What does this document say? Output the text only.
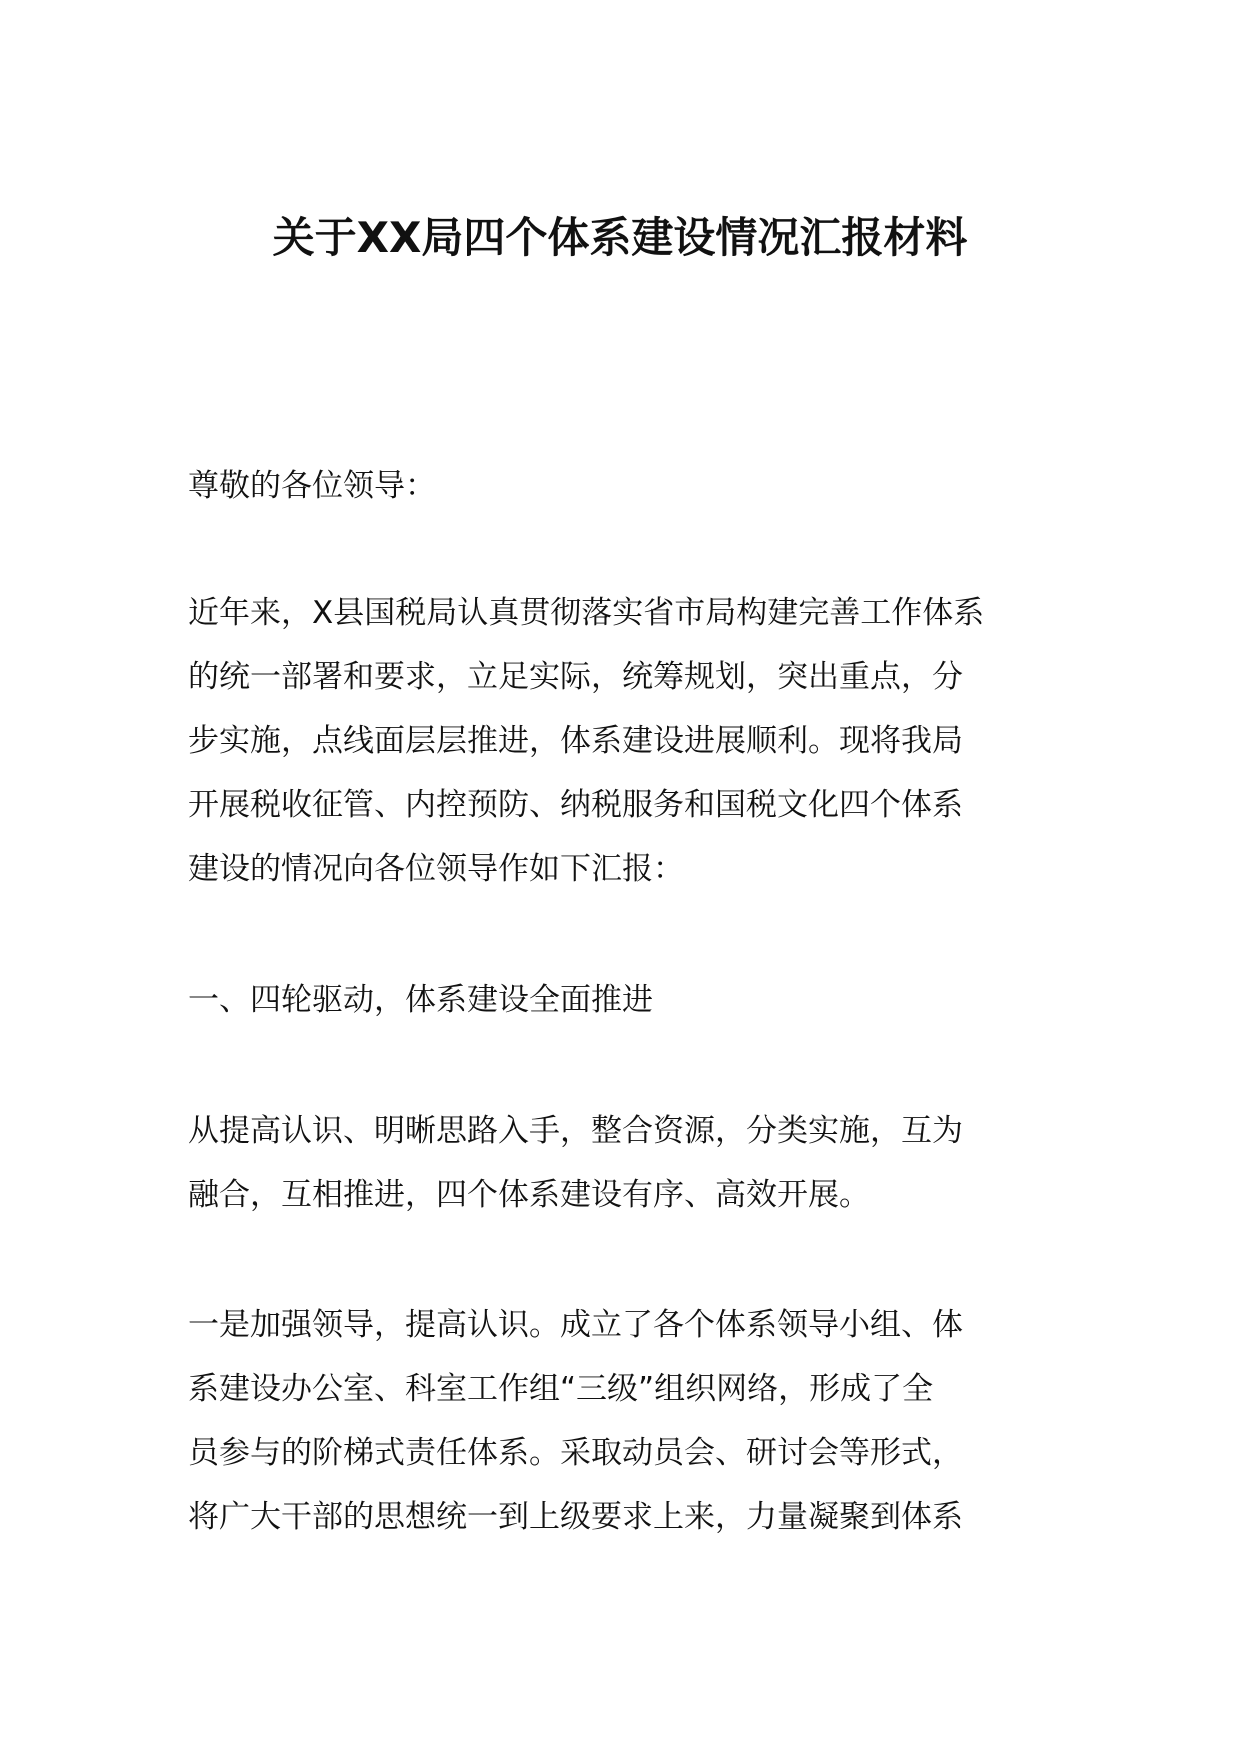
关于XX局四个体系建设情况汇报材料

尊敬的各位领导：

近年来，X县国税局认真贯彻落实省市局构建完善工作体系
的统一部署和要求，立足实际，统筹规划，突出重点，分
步实施，点线面层层推进，体系建设进展顺利。现将我局
开展税收征管、内控预防、纳税服务和国税文化四个体系
建设的情况向各位领导作如下汇报：

一、四轮驱动，体系建设全面推进

从提高认识、明晰思路入手，整合资源，分类实施，互为
融合，互相推进，四个体系建设有序、高效开展。

一是加强领导，提高认识。成立了各个体系领导小组、体
系建设办公室、科室工作组“三级”组织网络，形成了全
员参与的阶梯式责任体系。采取动员会、研讨会等形式，
将广大干部的思想统一到上级要求上来，力量凝聚到体系
